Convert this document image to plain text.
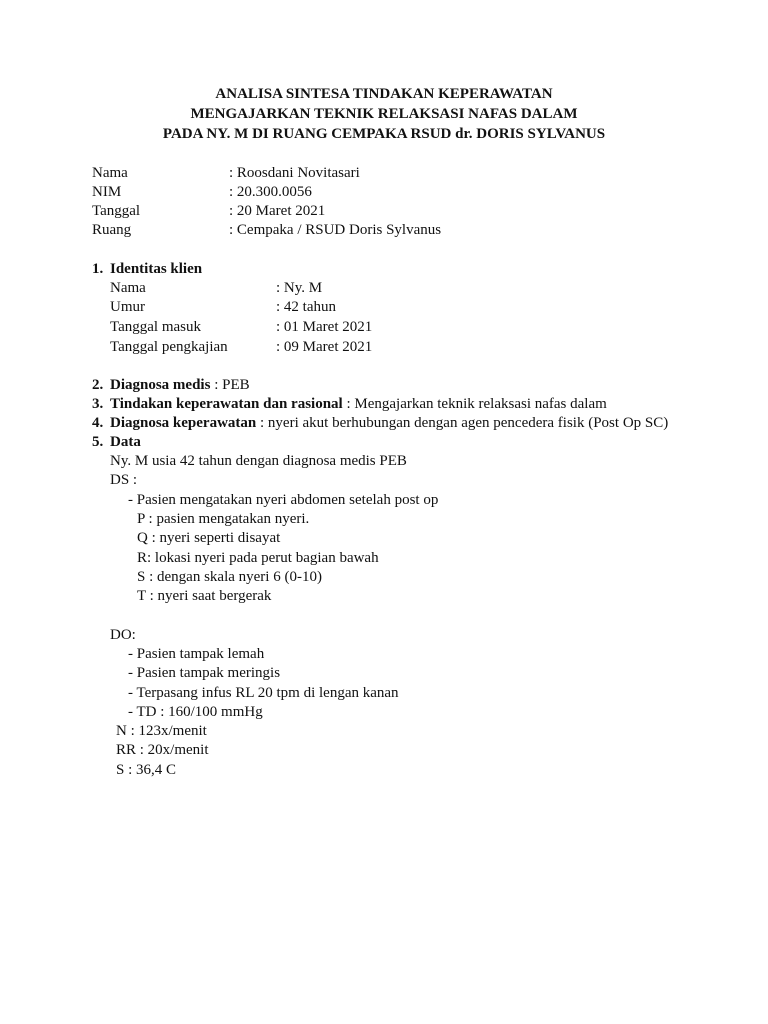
ANALISA SINTESA TINDAKAN KEPERAWATAN
MENGAJARKAN TEKNIK RELAKSASI NAFAS DALAM
PADA NY. M DI RUANG CEMPAKA RSUD dr. DORIS SYLVANUS
Nama	: Roosdani Novitasari
NIM	: 20.300.0056
Tanggal	: 20 Maret 2021
Ruang	: Cempaka / RSUD Doris Sylvanus
1. Identitas klien
Nama	: Ny. M
Umur	: 42 tahun
Tanggal masuk	: 01 Maret 2021
Tanggal pengkajian	: 09 Maret 2021
2. Diagnosa medis : PEB
3. Tindakan keperawatan dan rasional : Mengajarkan teknik relaksasi nafas dalam
4. Diagnosa keperawatan : nyeri akut berhubungan dengan agen pencedera fisik (Post Op SC)
5. Data
Ny. M usia 42 tahun dengan diagnosa medis PEB
DS :
- Pasien mengatakan nyeri abdomen setelah post op
P : pasien mengatakan nyeri.
Q : nyeri seperti disayat
R: lokasi nyeri pada perut bagian bawah
S : dengan skala nyeri 6 (0-10)
T : nyeri saat bergerak
DO:
- Pasien tampak lemah
- Pasien tampak meringis
- Terpasang infus RL 20 tpm di lengan kanan
- TD : 160/100 mmHg
N : 123x/menit
RR : 20x/menit
S : 36,4 C
